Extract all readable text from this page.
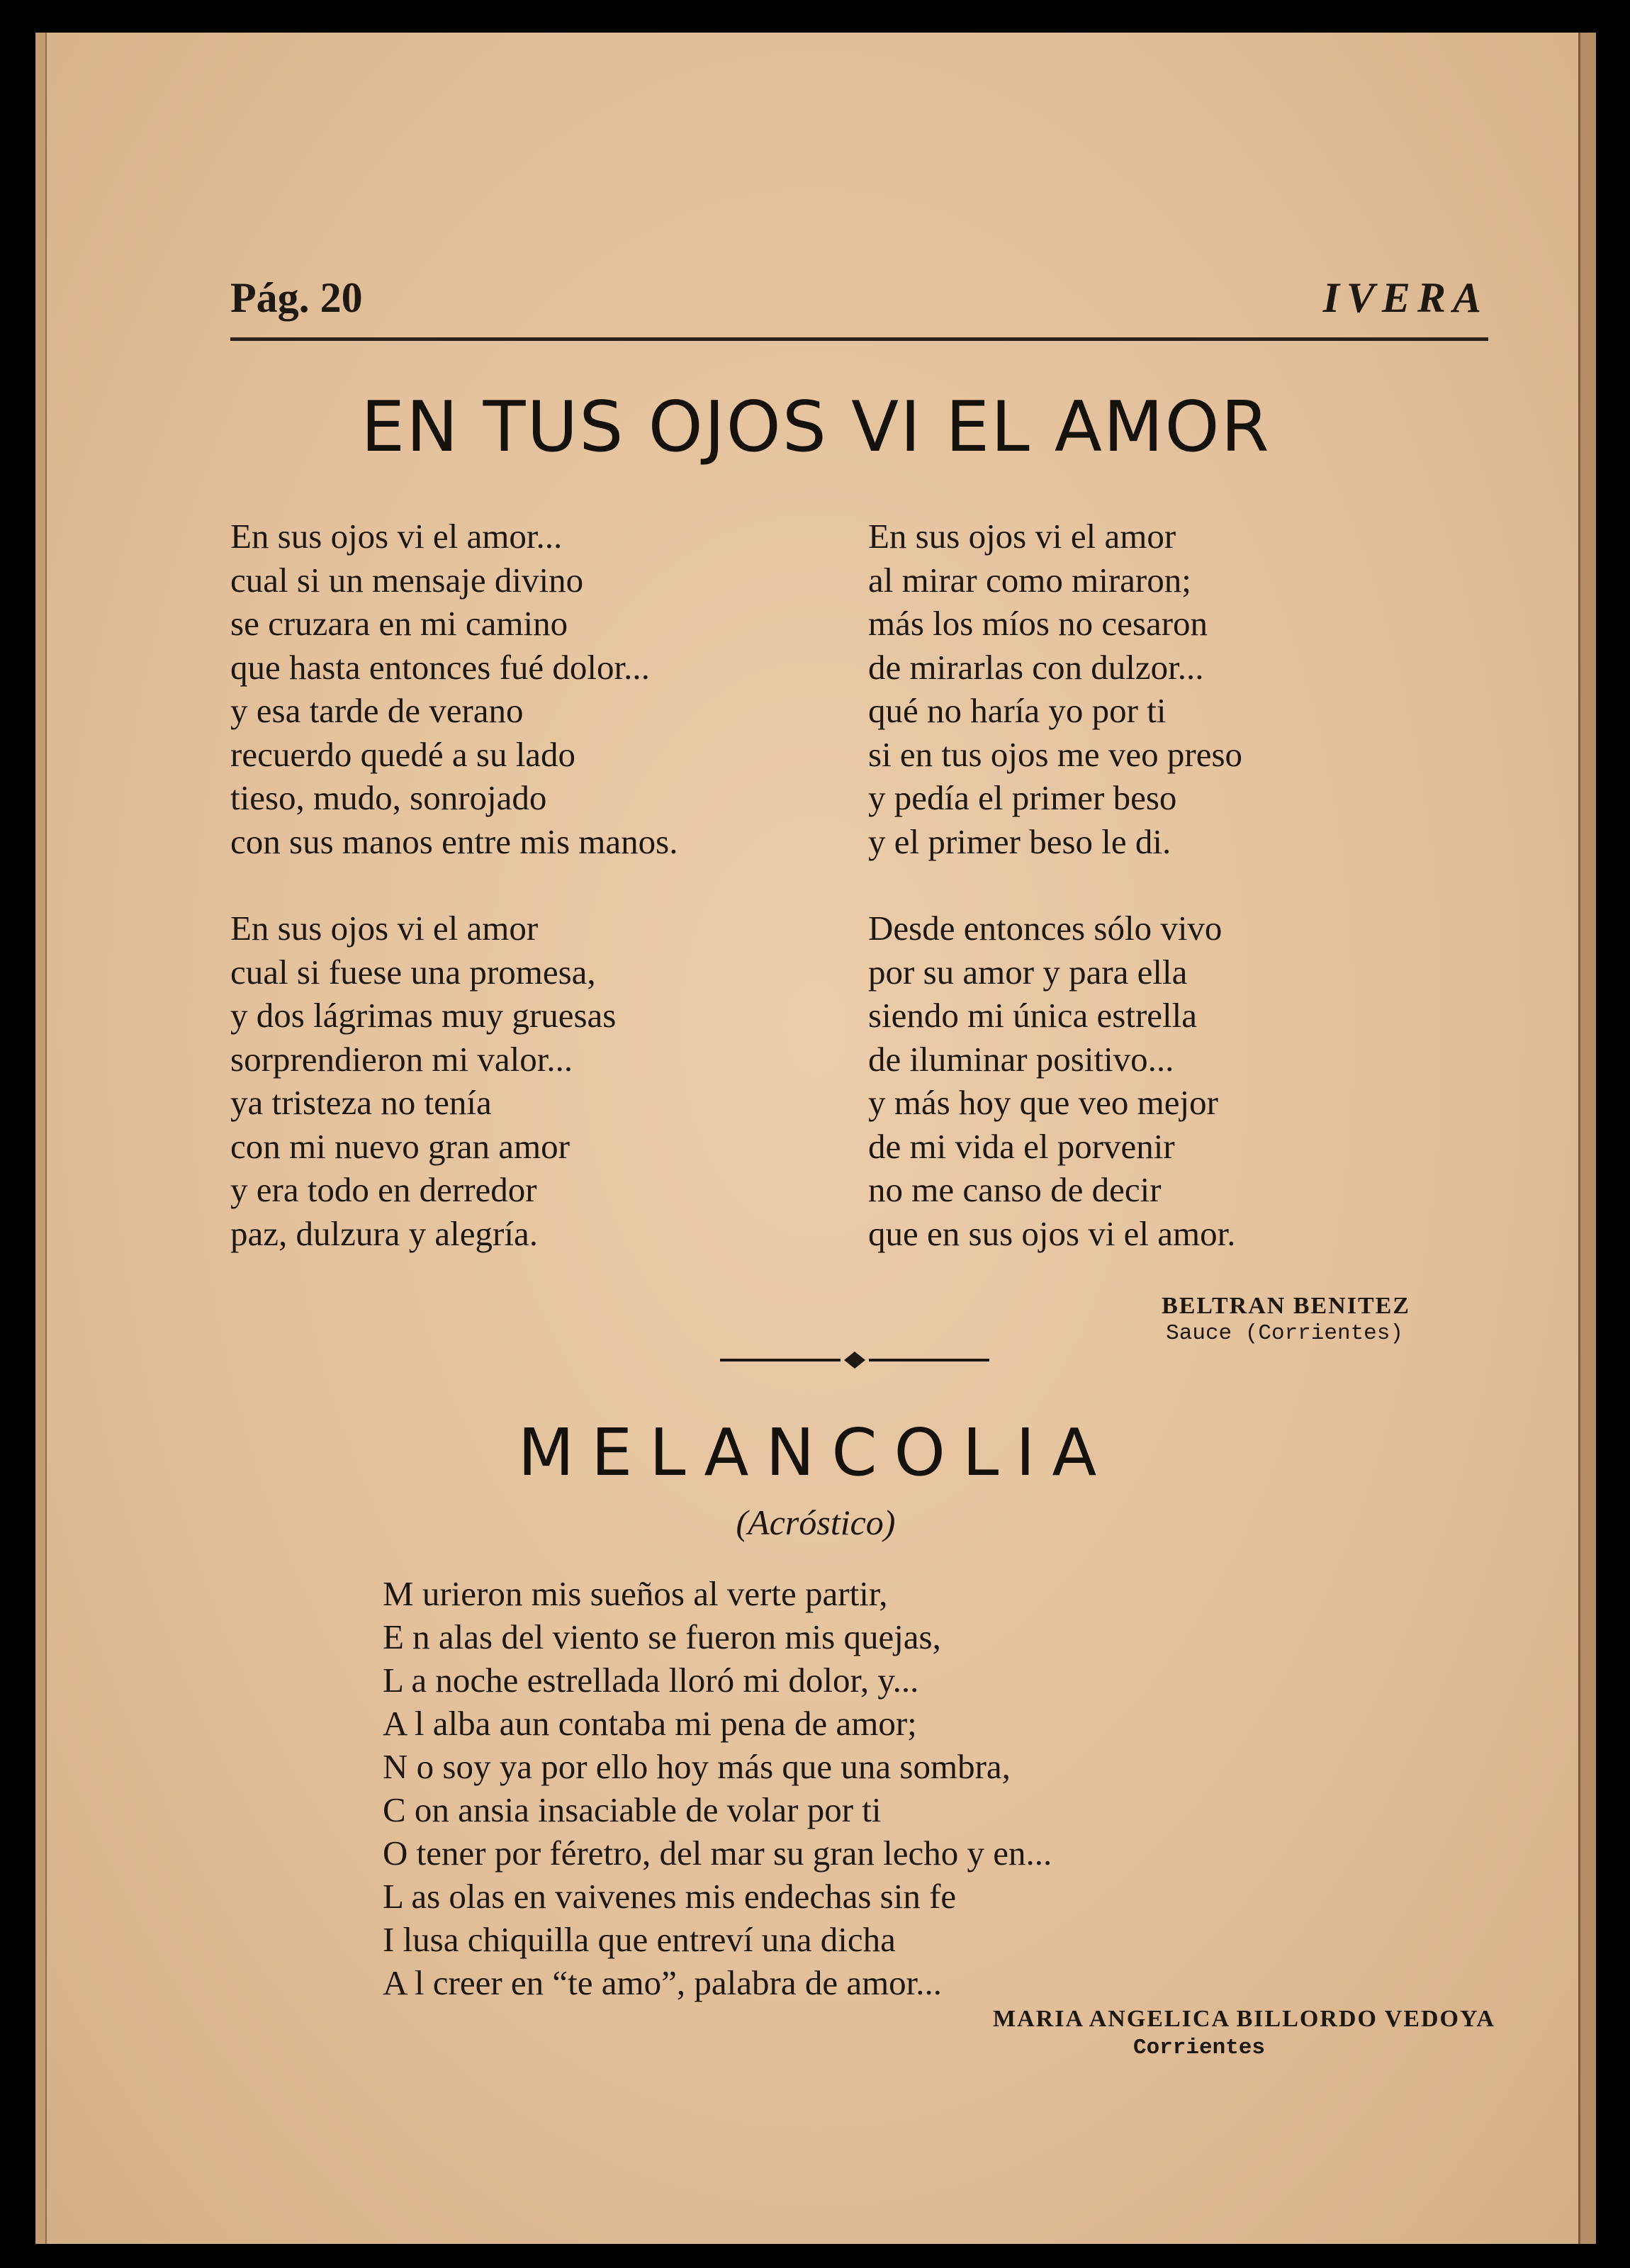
Pág. 20	IVERA
EN TUS OJOS VI EL AMOR
En sus ojos vi el amor...
cual si un mensaje divino
se cruzara en mi camino
que hasta entonces fué dolor...
y esa tarde de verano
recuerdo quedé a su lado
tieso, mudo, sonrojado
con sus manos entre mis manos.
En sus ojos vi el amor
cual si fuese una promesa,
y dos lágrimas muy gruesas
sorprendieron mi valor...
ya tristeza no tenía
con mi nuevo gran amor
y era todo en derredor
paz, dulzura y alegría.
En sus ojos vi el amor
al mirar como miraron;
más los míos no cesaron
de mirarlas con dulzor...
qué no haría yo por ti
si en tus ojos me veo preso
y pedía el primer beso
y el primer beso le di.
Desde entonces sólo vivo
por su amor y para ella
siendo mi única estrella
de iluminar positivo...
y más hoy que veo mejor
de mi vida el porvenir
no me canso de decir
que en sus ojos vi el amor.
BELTRAN BENITEZ
Sauce (Corrientes)
MELANCOLIA
(Acróstico)
M urieron mis sueños al verte partir,
E n alas del viento se fueron mis quejas,
L a noche estrellada lloró mi dolor, y...
A l alba aun contaba mi pena de amor;
N o soy ya por ello hoy más que una sombra,
C on ansia insaciable de volar por ti
O tener por féretro, del mar su gran lecho y en...
L as olas en vaivenes mis endechas sin fe
I lusa chiquilla que entreví una dicha
A l creer en “te amo”, palabra de amor...
MARIA ANGELICA BILLORDO VEDOYA
Corrientes
